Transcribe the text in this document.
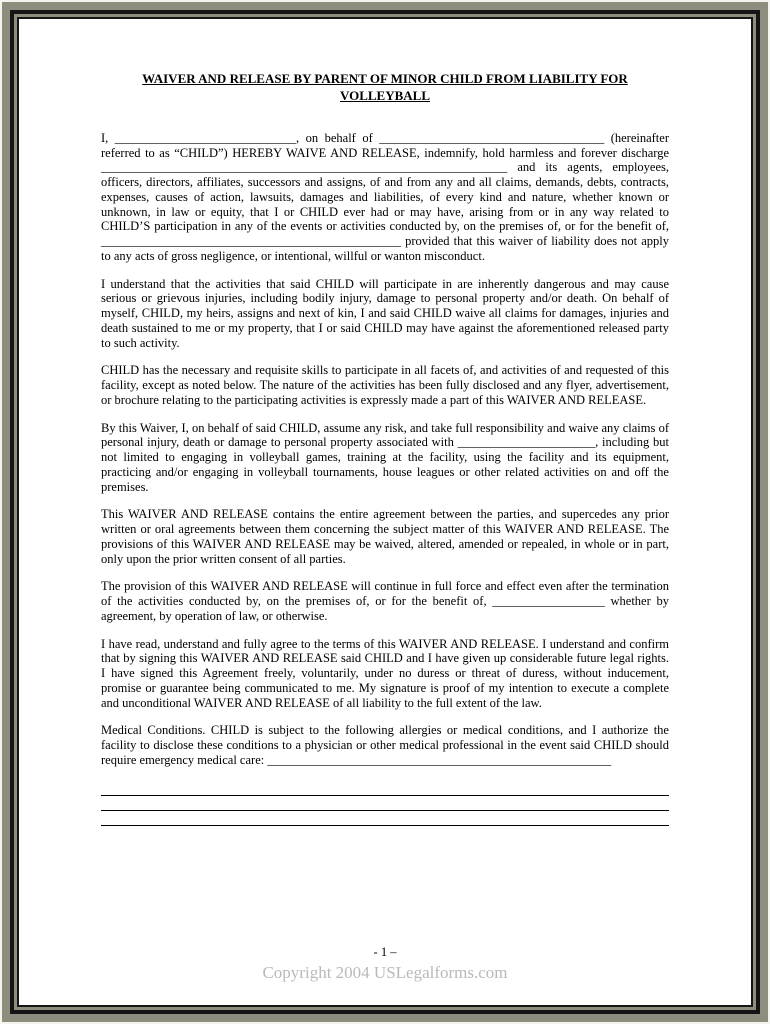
WAIVER AND RELEASE BY PARENT OF MINOR CHILD FROM LIABILITY FOR
VOLLEYBALL

I, _____________________________, on behalf of ____________________________________ (hereinafter referred to as “CHILD”) HEREBY WAIVE AND RELEASE, indemnify, hold harmless and forever discharge _________________________________________________________________ and its agents, employees, officers, directors, affiliates, successors and assigns, of and from any and all claims, demands, debts, contracts, expenses, causes of action, lawsuits, damages and liabilities, of every kind and nature, whether known or unknown, in law or equity, that I or CHILD ever had or may have, arising from or in any way related to CHILD’S participation in any of the events or activities conducted by, on the premises of, or for the benefit of, ________________________________________________ provided that this waiver of liability does not apply to any acts of gross negligence, or intentional, willful or wanton misconduct.

I understand that the activities that said CHILD will participate in are inherently dangerous and may cause serious or grievous injuries, including bodily injury, damage to personal property and/or death. On behalf of myself, CHILD, my heirs, assigns and next of kin, I and said CHILD waive all claims for damages, injuries and death sustained to me or my property, that I or said CHILD may have against the aforementioned released party to such activity.

CHILD has the necessary and requisite skills to participate in all facets of, and activities of and requested of this facility, except as noted below. The nature of the activities has been fully disclosed and any flyer, advertisement, or brochure relating to the participating activities is expressly made a part of this WAIVER AND RELEASE.

By this Waiver, I, on behalf of said CHILD, assume any risk, and take full responsibility and waive any claims of personal injury, death or damage to personal property associated with ______________________, including but not limited to engaging in volleyball games, training at the facility, using the facility and its equipment, practicing and/or engaging in volleyball tournaments, house leagues or other related activities on and off the premises.

This WAIVER AND RELEASE contains the entire agreement between the parties, and supercedes any prior written or oral agreements between them concerning the subject matter of this WAIVER AND RELEASE. The provisions of this WAIVER AND RELEASE may be waived, altered, amended or repealed, in whole or in part, only upon the prior written consent of all parties.

The provision of this WAIVER AND RELEASE will continue in full force and effect even after the termination of the activities conducted by, on the premises of, or for the benefit of, __________________ whether by agreement, by operation of law, or otherwise.

I have read, understand and fully agree to the terms of this WAIVER AND RELEASE. I understand and confirm that by signing this WAIVER AND RELEASE said CHILD and I have given up considerable future legal rights. I have signed this Agreement freely, voluntarily, under no duress or threat of duress, without inducement, promise or guarantee being communicated to me. My signature is proof of my intention to execute a complete and unconditional WAIVER AND RELEASE of all liability to the full extent of the law.

Medical Conditions. CHILD is subject to the following allergies or medical conditions, and I authorize the facility to disclose these conditions to a physician or other medical professional in the event said CHILD should require emergency medical care: _______________________________________________________

- 1 –
Copyright 2004 USLegalforms.com
